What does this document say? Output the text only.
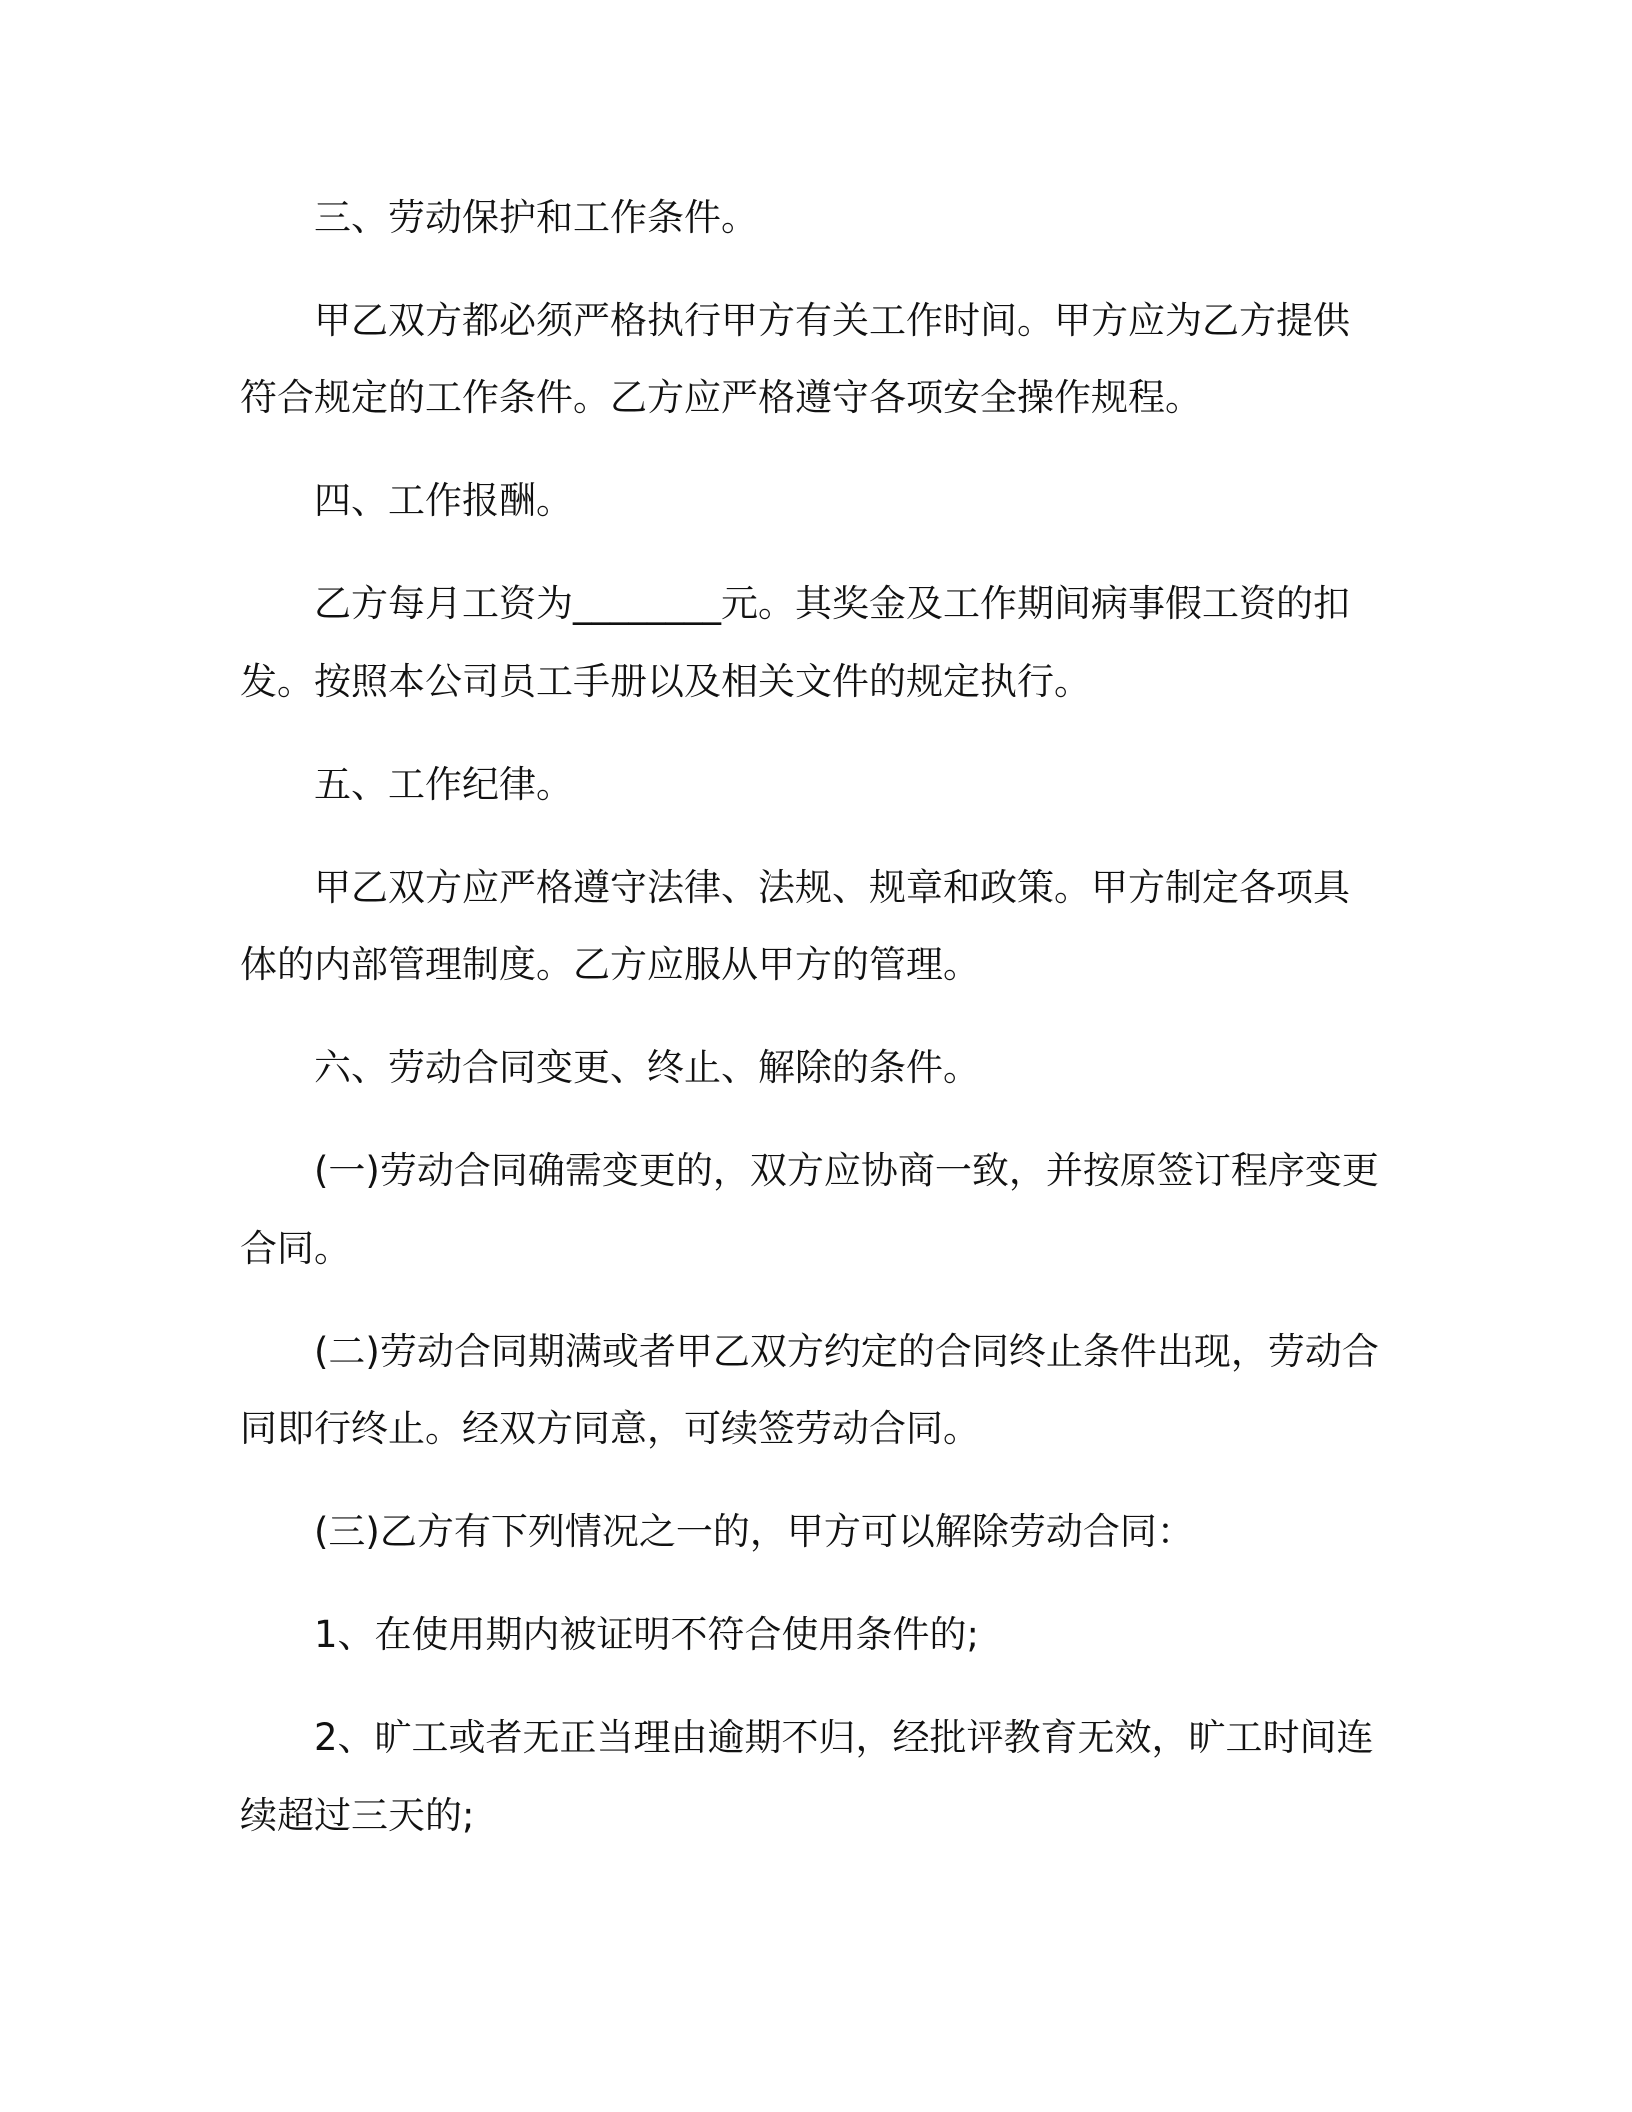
三、劳动保护和工作条件。
甲乙双方都必须严格执行甲方有关工作时间。甲方应为乙方提供
符合规定的工作条件。乙方应严格遵守各项安全操作规程。
四、工作报酬。
乙方每月工资为________元。其奖金及工作期间病事假工资的扣
发。按照本公司员工手册以及相关文件的规定执行。
五、工作纪律。
甲乙双方应严格遵守法律、法规、规章和政策。甲方制定各项具
体的内部管理制度。乙方应服从甲方的管理。
六、劳动合同变更、终止、解除的条件。
(一)劳动合同确需变更的，双方应协商一致，并按原签订程序变更
合同。
(二)劳动合同期满或者甲乙双方约定的合同终止条件出现，劳动合
同即行终止。经双方同意，可续签劳动合同。
(三)乙方有下列情况之一的，甲方可以解除劳动合同：
1、在使用期内被证明不符合使用条件的;
2、旷工或者无正当理由逾期不归，经批评教育无效，旷工时间连
续超过三天的;
